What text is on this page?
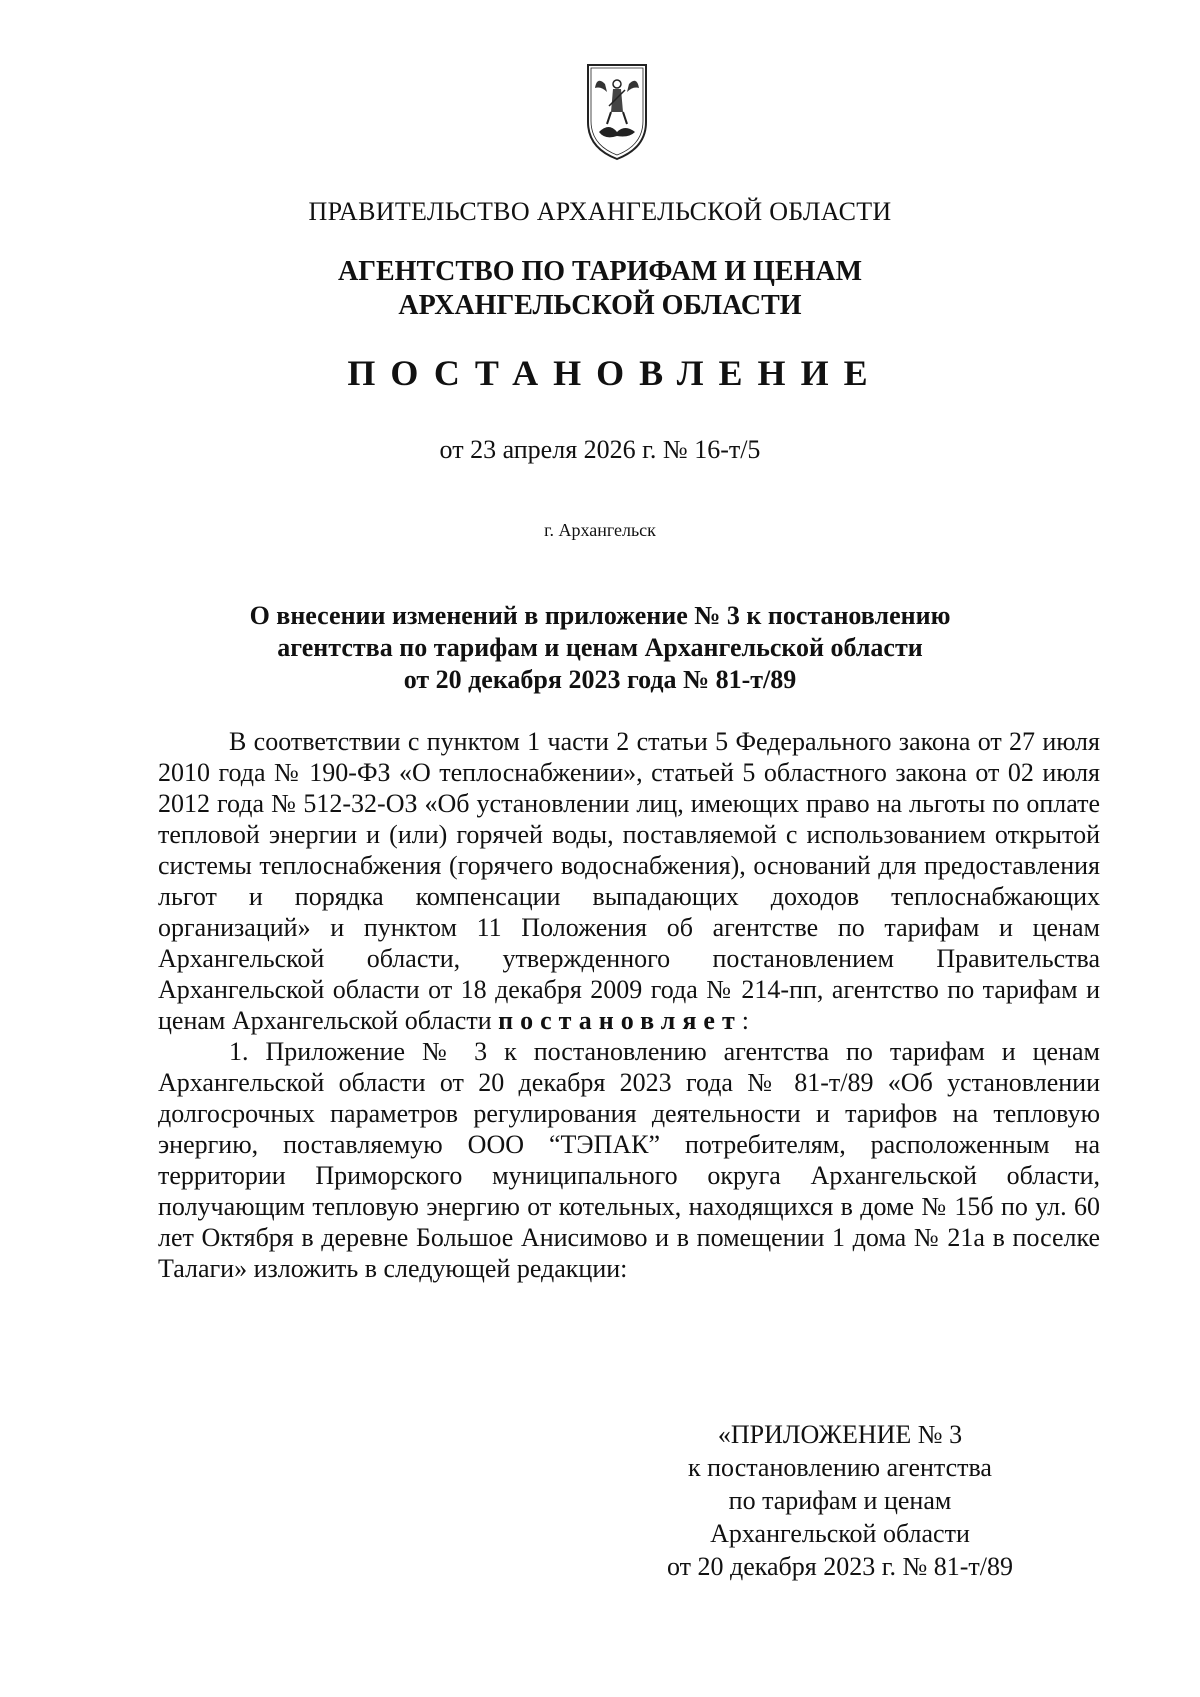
ПРАВИТЕЛЬСТВО АРХАНГЕЛЬСКОЙ ОБЛАСТИ
АГЕНТСТВО ПО ТАРИФАМ И ЦЕНАМ
АРХАНГЕЛЬСКОЙ ОБЛАСТИ
ПОСТАНОВЛЕНИЕ
от 23 апреля 2026 г. № 16-т/5
г. Архангельск
О внесении изменений в приложение № 3 к постановлению
агентства по тарифам и ценам Архангельской области
от 20 декабря 2023 года № 81-т/89

В соответствии с пунктом 1 части 2 статьи 5 Федерального закона от 27 июля 2010 года № 190-ФЗ «О теплоснабжении», статьей 5 областного закона от 02 июля 2012 года № 512-32-ОЗ «Об установлении лиц, имеющих право на льготы по оплате тепловой энергии и (или) горячей воды, поставляемой с использованием открытой системы теплоснабжения (горячего водоснабжения), оснований для предоставления льгот и порядка компенсации выпадающих доходов теплоснабжающих организаций» и пунктом 11 Положения об агентстве по тарифам и ценам Архангельской области, утвержденного постановлением Правительства Архангельской области от 18 декабря 2009 года № 214-пп, агентство по тарифам и ценам Архангельской области постановляет:

1. Приложение № 3 к постановлению агентства по тарифам и ценам Архангельской области от 20 декабря 2023 года № 81-т/89 «Об установлении долгосрочных параметров регулирования деятельности и тарифов на тепловую энергию, поставляемую ООО “ТЭПАК” потребителям, расположенным на территории Приморского муниципального округа Архангельской области, получающим тепловую энергию от котельных, находящихся в доме № 15б по ул. 60 лет Октября в деревне Большое Анисимово и в помещении 1 дома № 21а в поселке Талаги» изложить в следующей редакции:

«ПРИЛОЖЕНИЕ № 3
к постановлению агентства
по тарифам и ценам
Архангельской области
от 20 декабря 2023 г. № 81-т/89
